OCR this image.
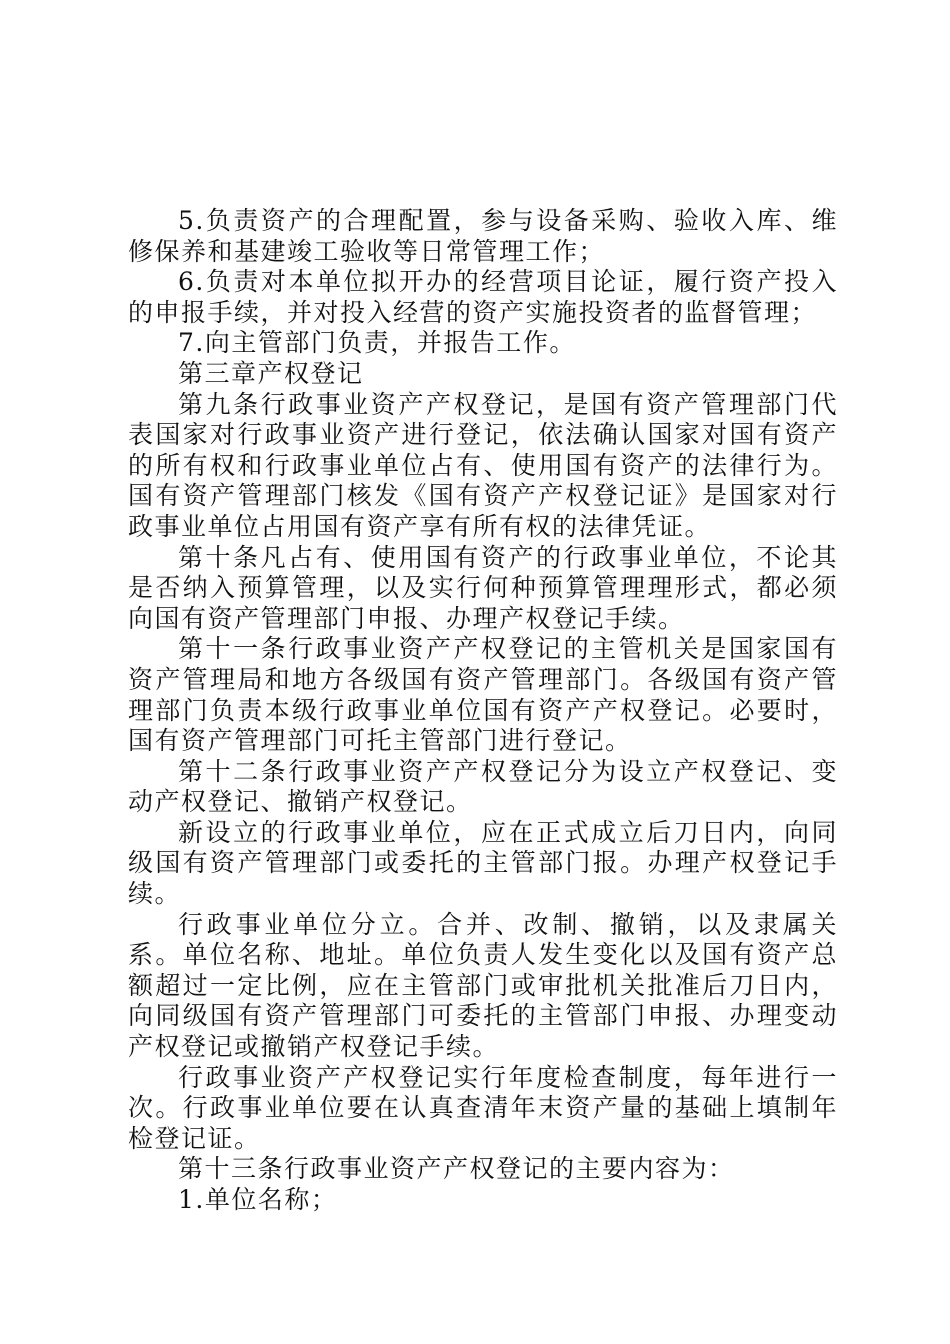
5.负责资产的合理配置，参与设备采购、验收入库、维修保养和基建竣工验收等日常管理工作；

6.负责对本单位拟开办的经营项目论证，履行资产投入的申报手续，并对投入经营的资产实施投资者的监督管理；

7.向主管部门负责，并报告工作。

第三章产权登记

第九条行政事业资产产权登记，是国有资产管理部门代表国家对行政事业资产进行登记，依法确认国家对国有资产的所有权和行政事业单位占有、使用国有资产的法律行为。国有资产管理部门核发《国有资产产权登记证》是国家对行政事业单位占用国有资产享有所有权的法律凭证。

第十条凡占有、使用国有资产的行政事业单位，不论其是否纳入预算管理，以及实行何种预算管理理形式，都必须向国有资产管理部门申报、办理产权登记手续。

第十一条行政事业资产产权登记的主管机关是国家国有资产管理局和地方各级国有资产管理部门。各级国有资产管理部门负责本级行政事业单位国有资产产权登记。必要时，国有资产管理部门可托主管部门进行登记。

第十二条行政事业资产产权登记分为设立产权登记、变动产权登记、撤销产权登记。

新设立的行政事业单位，应在正式成立后刀日内，向同级国有资产管理部门或委托的主管部门报。办理产权登记手续。

行政事业单位分立。合并、改制、撤销，以及隶属关系。单位名称、地址。单位负责人发生变化以及国有资产总额超过一定比例，应在主管部门或审批机关批准后刀日内，向同级国有资产管理部门可委托的主管部门申报、办理变动产权登记或撤销产权登记手续。

行政事业资产产权登记实行年度检查制度，每年进行一次。行政事业单位要在认真查清年末资产量的基础上填制年检登记证。

第十三条行政事业资产产权登记的主要内容为：

1.单位名称；
